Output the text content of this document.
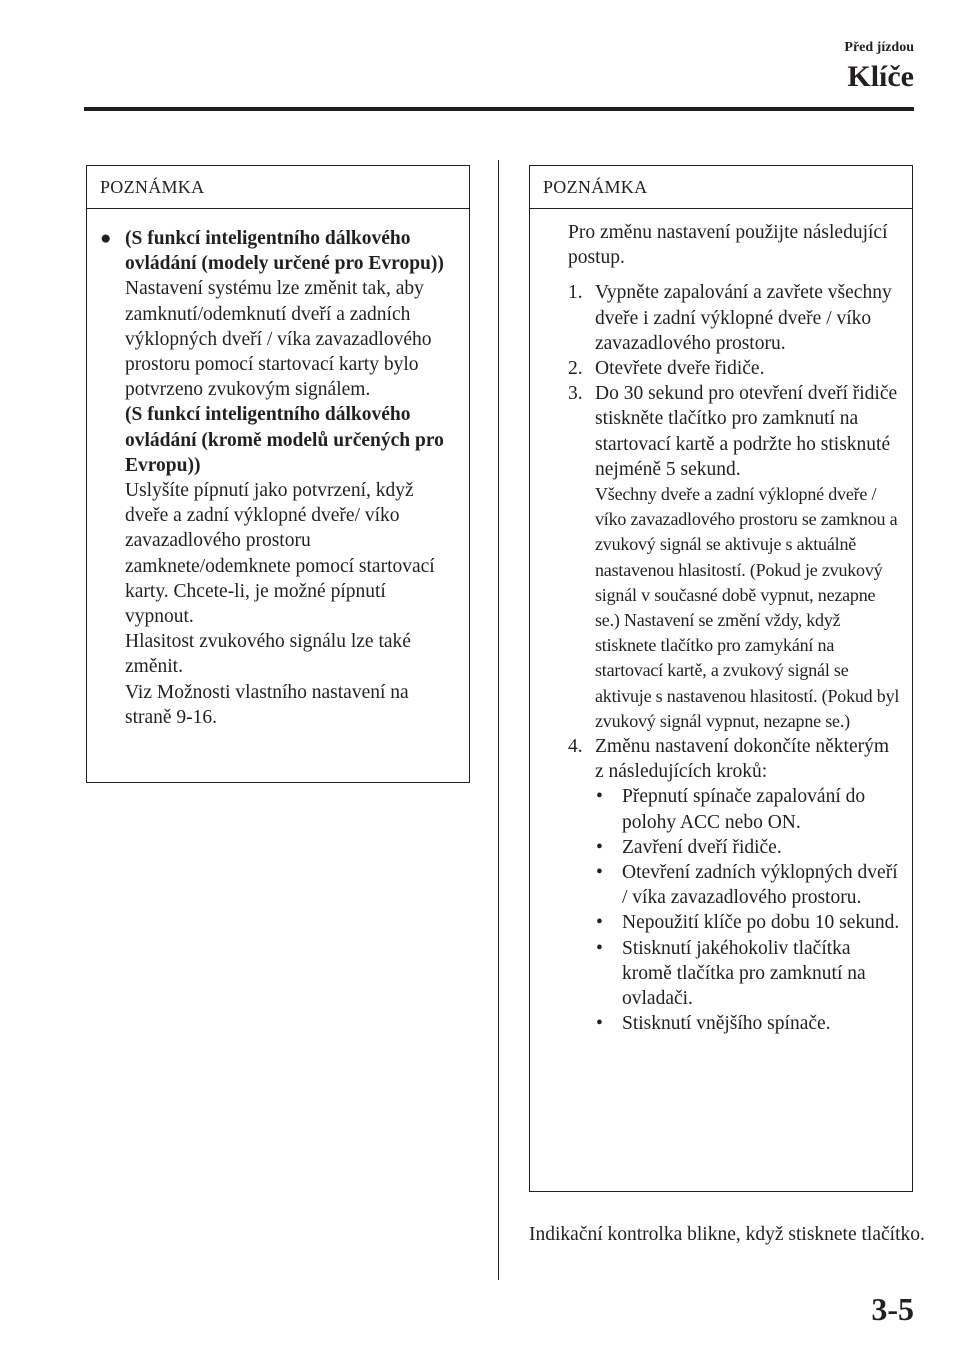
Před jízdou
Klíče
POZNÁMKA
● (S funkcí inteligentního dálkového ovládání (modely určené pro Evropu))
Nastavení systému lze změnit tak, aby zamknutí/odemknutí dveří a zadních výklopných dveří / víka zavazadlového prostoru pomocí startovací karty bylo potvrzeno zvukovým signálem.
(S funkcí inteligentního dálkového ovládání (kromě modelů určených pro Evropu))
Uslyšíte pípnutí jako potvrzení, když dveře a zadní výklopné dveře/ víko zavazadlového prostoru zamknete/odemknete pomocí startovací karty. Chcete-li, je možné pípnutí vypnout.
Hlasitost zvukového signálu lze také změnit.
Viz Možnosti vlastního nastavení na straně 9-16.
POZNÁMKA
Pro změnu nastavení použijte následující postup.
1. Vypněte zapalování a zavřete všechny dveře i zadní výklopné dveře / víko zavazadlového prostoru.
2. Otevřete dveře řidiče.
3. Do 30 sekund pro otevření dveří řidiče stiskněte tlačítko pro zamknutí na startovací kartě a podržte ho stisknuté nejméně 5 sekund.
Všechny dveře a zadní výklopné dveře / víko zavazadlového prostoru se zamknou a zvukový signál se aktivuje s aktuálně nastavenou hlasitostí. (Pokud je zvukový signál v současné době vypnut, nezapne se.) Nastavení se změní vždy, když stisknete tlačítko pro zamykání na startovací kartě, a zvukový signál se aktivuje s nastavenou hlasitostí. (Pokud byl zvukový signál vypnut, nezapne se.)
4. Změnu nastavení dokončíte některým z následujících kroků:
• Přepnutí spínače zapalování do polohy ACC nebo ON.
• Zavření dveří řidiče.
• Otevření zadních výklopných dveří / víka zavazadlového prostoru.
• Nepoužití klíče po dobu 10 sekund.
• Stisknutí jakéhokoliv tlačítka kromě tlačítka pro zamknutí na ovladači.
• Stisknutí vnějšího spínače.
Indikační kontrolka blikne, když stisknete tlačítko.
3-5
